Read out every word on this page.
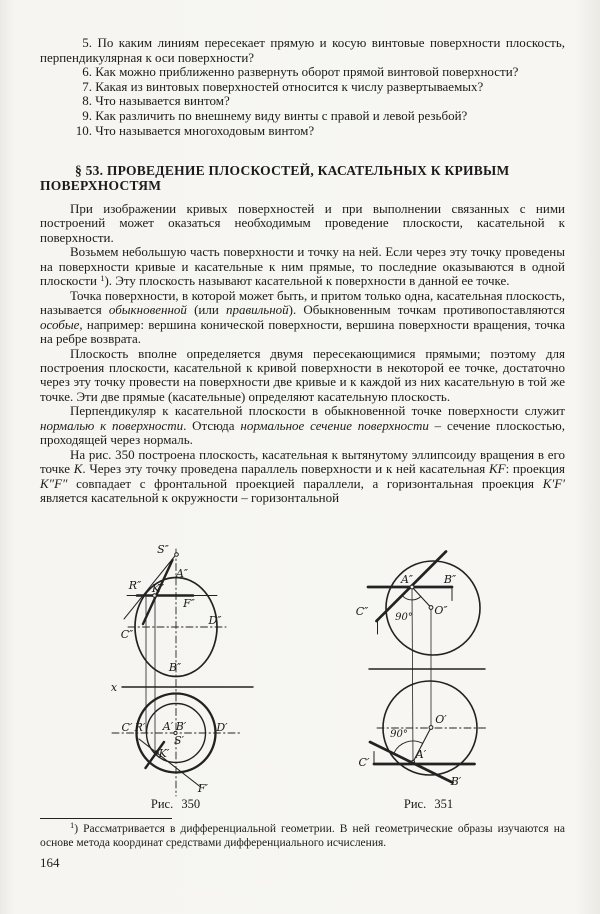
5. По каким линиям пересекает прямую и косую винтовые поверхности плоскость, перпендикулярная к оси поверхности?

6. Как можно приближенно развернуть оборот прямой винтовой поверхности?

7. Какая из винтовых поверхностей относится к числу развертываемых?

8. Что называется винтом?

9. Как различить по внешнему виду винты с правой и левой резьбой?

10. Что называется многоходовым винтом?

§ 53. ПРОВЕДЕНИЕ ПЛОСКОСТЕЙ, КАСАТЕЛЬНЫХ К КРИВЫМ
ПОВЕРХНОСТЯМ

При изображении кривых поверхностей и при выполнении связанных с ними построений может оказаться необходимым проведение плоскости, касательной к поверхности.

Возьмем небольшую часть поверхности и точку на ней. Если через эту точку проведены на поверхности кривые и касательные к ним прямые, то последние оказываются в одной плоскости $^1$). Эту плоскость называют касательной к поверхности в данной ее точке.

Точка поверхности, в которой может быть, и притом только одна, касательная плоскость, называется обыкновенной (или правильной). Обыкновенным точкам противопоставляются особые, например: вершина конической поверхности, вершина поверхности вращения, точка на ребре возврата.

Плоскость вполне определяется двумя пересекающимися прямыми; поэтому для построения плоскости, касательной к кривой поверхности в некоторой ее точке, достаточно через эту точку провести на поверхности две кривые и к каждой из них касательную в той же точке. Эти две прямые (касательные) определяют касательную плоскость.

Перпендикуляр к касательной плоскости в обыкновенной точке поверхности служит нормалью к поверхности. Отсюда нормальное сечение поверхности – сечение плоскостью, проходящей через нормаль.

На рис. 350 построена плоскость, касательная к вытянутому эллипсоиду вращения в его точке K. Через эту точку проведена параллель поверхности и к ней касательная KF: проекция K″F″ совпадает с фронтальной проекцией параллели, а горизонтальная проекция K′F′ является касательной к окружности – горизонтальной

S″
A″
R″ K″
F″
C″
D″
B″
x
C′ R′ A′ B′	D′
S′
K′
F′
A″	B″
C″	O″
90°
O′
A′
B′
C′
90°

Рис. 350	Рис. 351

$^1$) Рассматривается в дифференциальной геометрии. В ней геометрические образы изучаются на основе метода координат средствами дифференциального исчисления.

164
